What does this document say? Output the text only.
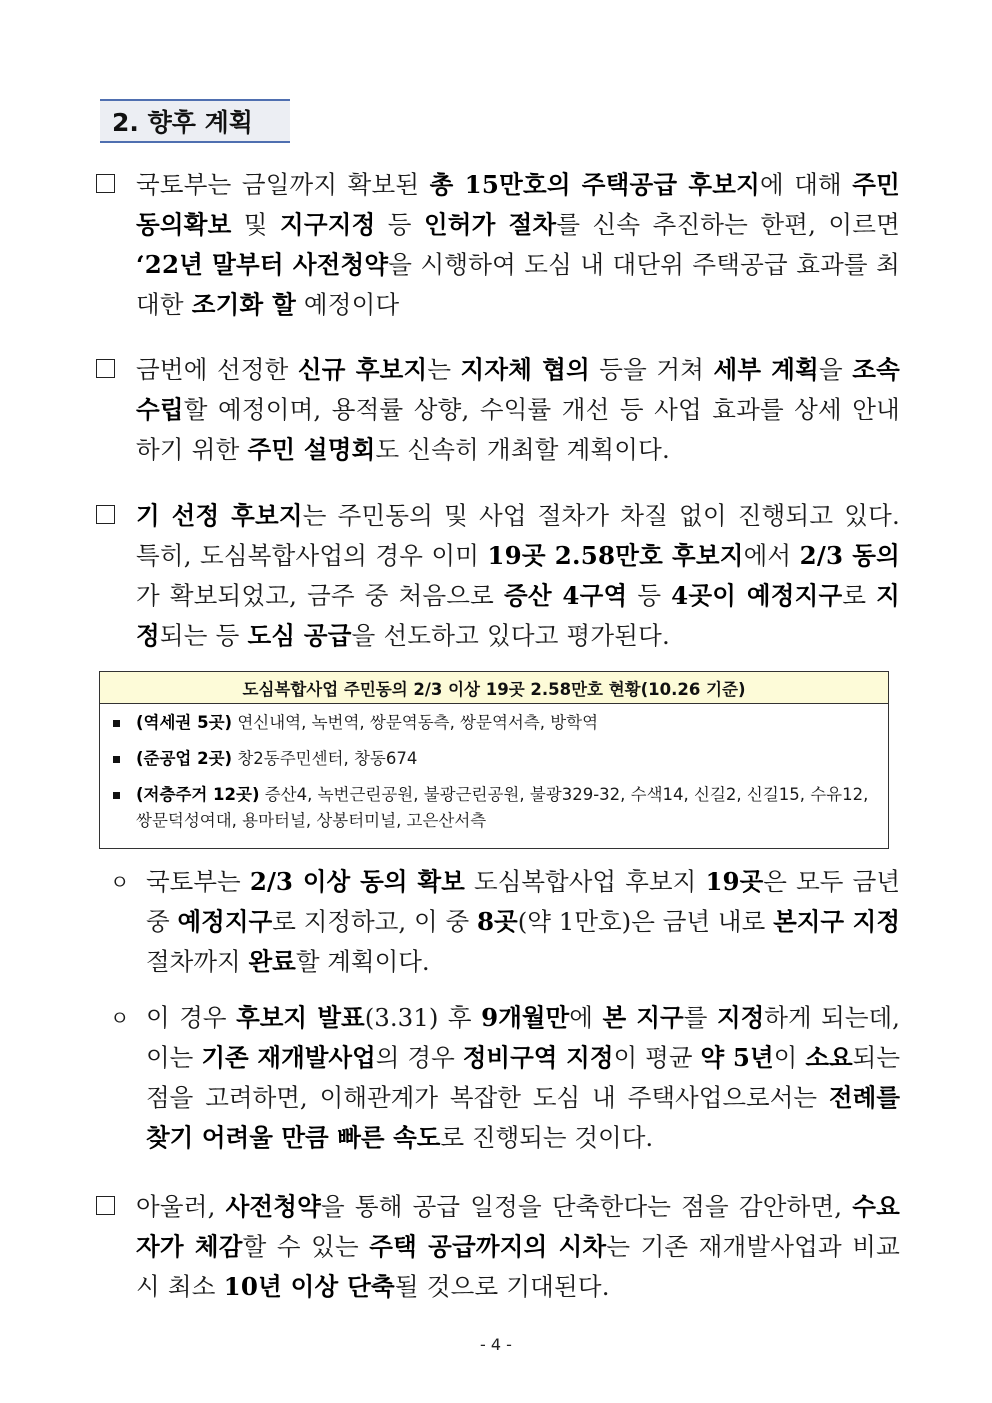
2. 향후 계획
국토부는 금일까지 확보된 총 15만호의 주택공급 후보지에 대해 주민 동의확보 및 지구지정 등 인허가 절차를 신속 추진하는 한편, 이르면 ‘22년 말부터 사전청약을 시행하여 도심 내 대단위 주택공급 효과를 최대한 조기화 할 예정이다
금번에 선정한 신규 후보지는 지자체 협의 등을 거쳐 세부 계획을 조속 수립할 예정이며, 용적률 상향, 수익률 개선 등 사업 효과를 상세 안내하기 위한 주민 설명회도 신속히 개최할 계획이다.
기 선정 후보지는 주민동의 및 사업 절차가 차질 없이 진행되고 있다. 특히, 도심복합사업의 경우 이미 19곳 2.58만호 후보지에서 2/3 동의가 확보되었고, 금주 중 처음으로 증산 4구역 등 4곳이 예정지구로 지정되는 등 도심 공급을 선도하고 있다고 평가된다.
도심복합사업 주민동의 2/3 이상 19곳 2.58만호 현황(10.26 기준)
(역세권 5곳) 연신내역, 녹번역, 쌍문역동측, 쌍문역서측, 방학역
(준공업 2곳) 창2동주민센터, 창동674
(저층주거 12곳) 증산4, 녹번근린공원, 불광근린공원, 불광329-32, 수색14, 신길2, 신길15, 수유12, 쌍문덕성여대, 용마터널, 상봉터미널, 고은산서측
ㅇ 국토부는 2/3 이상 동의 확보 도심복합사업 후보지 19곳은 모두 금년 중 예정지구로 지정하고, 이 중 8곳(약 1만호)은 금년 내로 본지구 지정 절차까지 완료할 계획이다.
ㅇ 이 경우 후보지 발표(3.31) 후 9개월만에 본 지구를 지정하게 되는데, 이는 기존 재개발사업의 경우 정비구역 지정이 평균 약 5년이 소요되는 점을 고려하면, 이해관계가 복잡한 도심 내 주택사업으로서는 전례를 찾기 어려울 만큼 빠른 속도로 진행되는 것이다.
아울러, 사전청약을 통해 공급 일정을 단축한다는 점을 감안하면, 수요자가 체감할 수 있는 주택 공급까지의 시차는 기존 재개발사업과 비교 시 최소 10년 이상 단축될 것으로 기대된다.
- 4 -
